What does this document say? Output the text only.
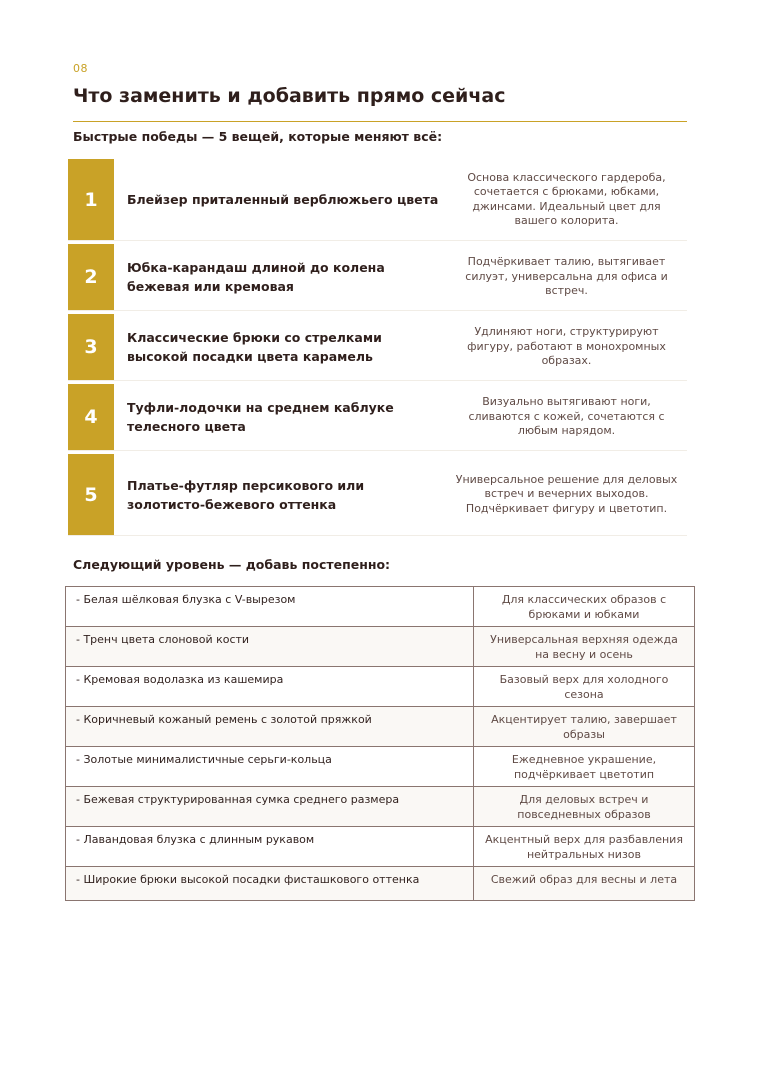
08
Что заменить и добавить прямо сейчас
Быстрые победы — 5 вещей, которые меняют всё:
1	Блейзер приталенный верблюжьего цвета
Основа классического гардероба, сочетается с брюками, юбками, джинсами. Идеальный цвет для вашего колорита.
2	Юбка-карандаш длиной до колена бежевая или кремовая
Подчёркивает талию, вытягивает силуэт, универсальна для офиса и встреч.
3	Классические брюки со стрелками высокой посадки цвета карамель
Удлиняют ноги, структурируют фигуру, работают в монохромных образах.
4	Туфли-лодочки на среднем каблуке телесного цвета
Визуально вытягивают ноги, сливаются с кожей, сочетаются с любым нарядом.
5	Платье-футляр персикового или золотисто-бежевого оттенка
Универсальное решение для деловых встреч и вечерних выходов. Подчёркивает фигуру и цветотип.
Следующий уровень — добавь постепенно:
- Белая шёлковая блузка с V-вырезом	Для классических образов с брюками и юбками
- Тренч цвета слоновой кости	Универсальная верхняя одежда на весну и осень
- Кремовая водолазка из кашемира	Базовый верх для холодного сезона
- Коричневый кожаный ремень с золотой пряжкой	Акцентирует талию, завершает образы
- Золотые минималистичные серьги-кольца	Ежедневное украшение, подчёркивает цветотип
- Бежевая структурированная сумка среднего размера	Для деловых встреч и повседневных образов
- Лавандовая блузка с длинным рукавом	Акцентный верх для разбавления нейтральных низов
- Широкие брюки высокой посадки фисташкового оттенка	Свежий образ для весны и лета
